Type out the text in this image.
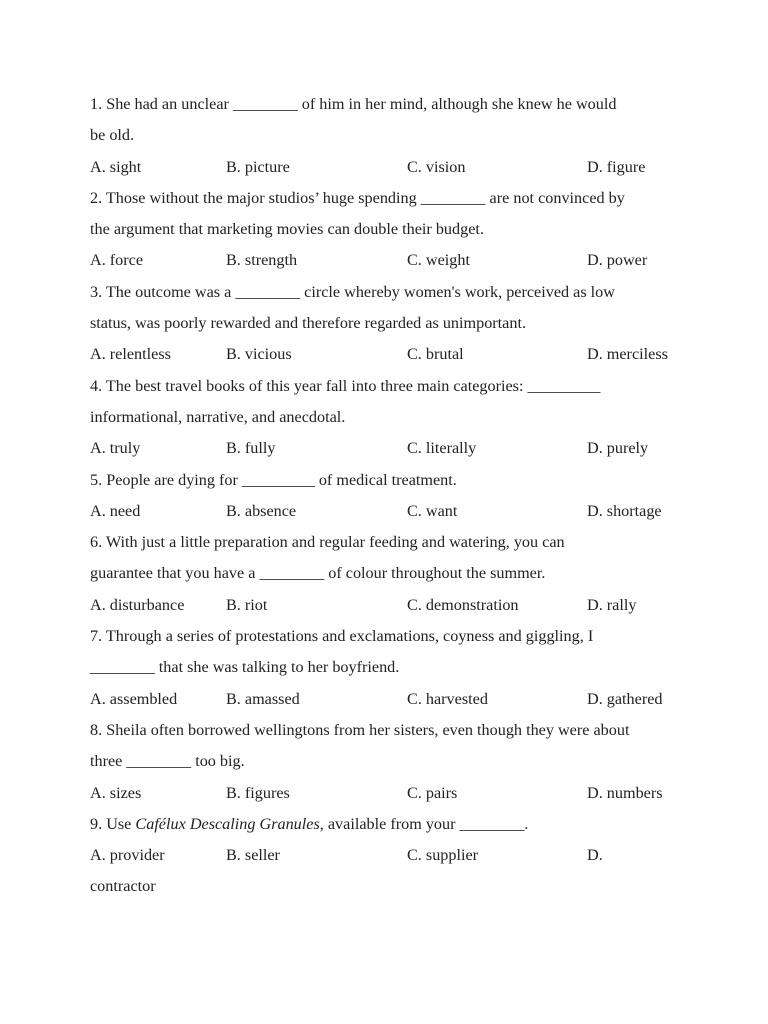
1. She had an unclear ________ of him in her mind, although she knew he would
be old.
A. sight	B. picture	C. vision	D. figure
2. Those without the major studios’ huge spending ________ are not convinced by
the argument that marketing movies can double their budget.
A. force	B. strength	C. weight	D. power
3. The outcome was a ________ circle whereby women's work, perceived as low
status, was poorly rewarded and therefore regarded as unimportant.
A. relentless	B. vicious	C. brutal	D. merciless
4. The best travel books of this year fall into three main categories: _________
informational, narrative, and anecdotal.
A. truly	B. fully	C. literally	D. purely
5. People are dying for _________ of medical treatment.
A. need	B. absence	C. want	D. shortage
6. With just a little preparation and regular feeding and watering, you can
guarantee that you have a ________ of colour throughout the summer.
A. disturbance	B. riot	C. demonstration	D. rally
7. Through a series of protestations and exclamations, coyness and giggling, I
________ that she was talking to her boyfriend.
A. assembled	B. amassed	C. harvested	D. gathered
8. Sheila often borrowed wellingtons from her sisters, even though they were about
three ________ too big.
A. sizes	B. figures	C. pairs	D. numbers
9. Use Cafélux Descaling Granules, available from your ________.
A. provider	B. seller	C. supplier	D.
contractor
